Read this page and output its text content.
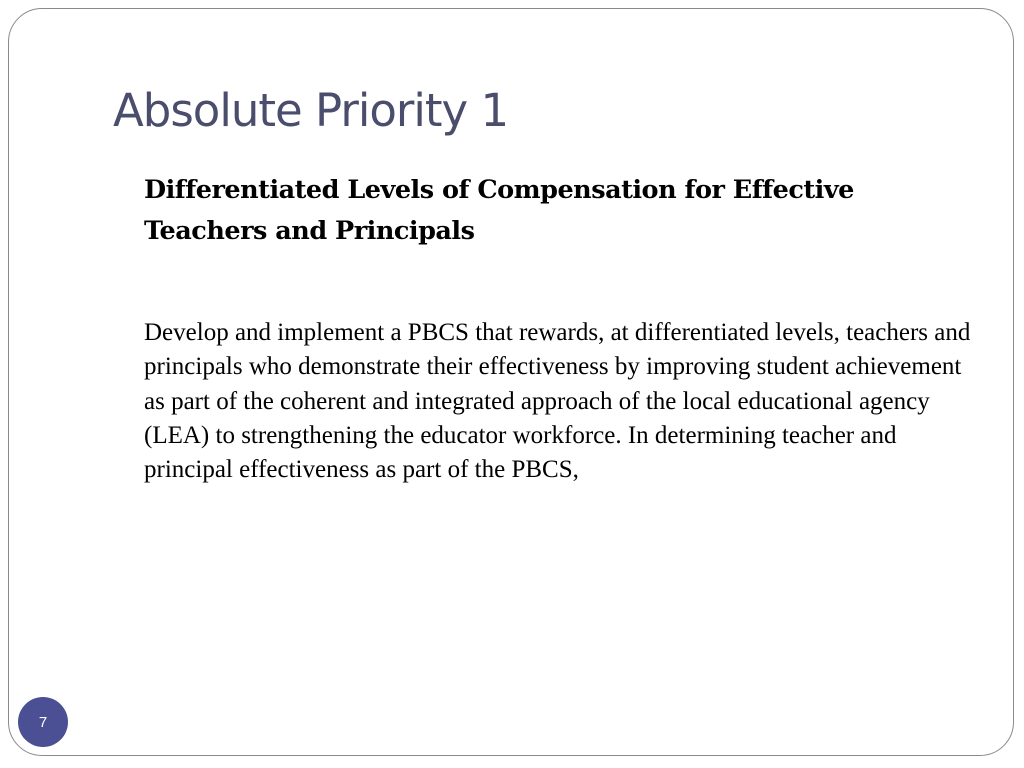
Absolute Priority 1

Differentiated Levels of Compensation for Effective Teachers and Principals

Develop and implement a PBCS that rewards, at differentiated levels, teachers and principals who demonstrate their effectiveness by improving student achievement as part of the coherent and integrated approach of the local educational agency (LEA) to strengthening the educator workforce. In determining teacher and principal effectiveness as part of the PBCS,

7
